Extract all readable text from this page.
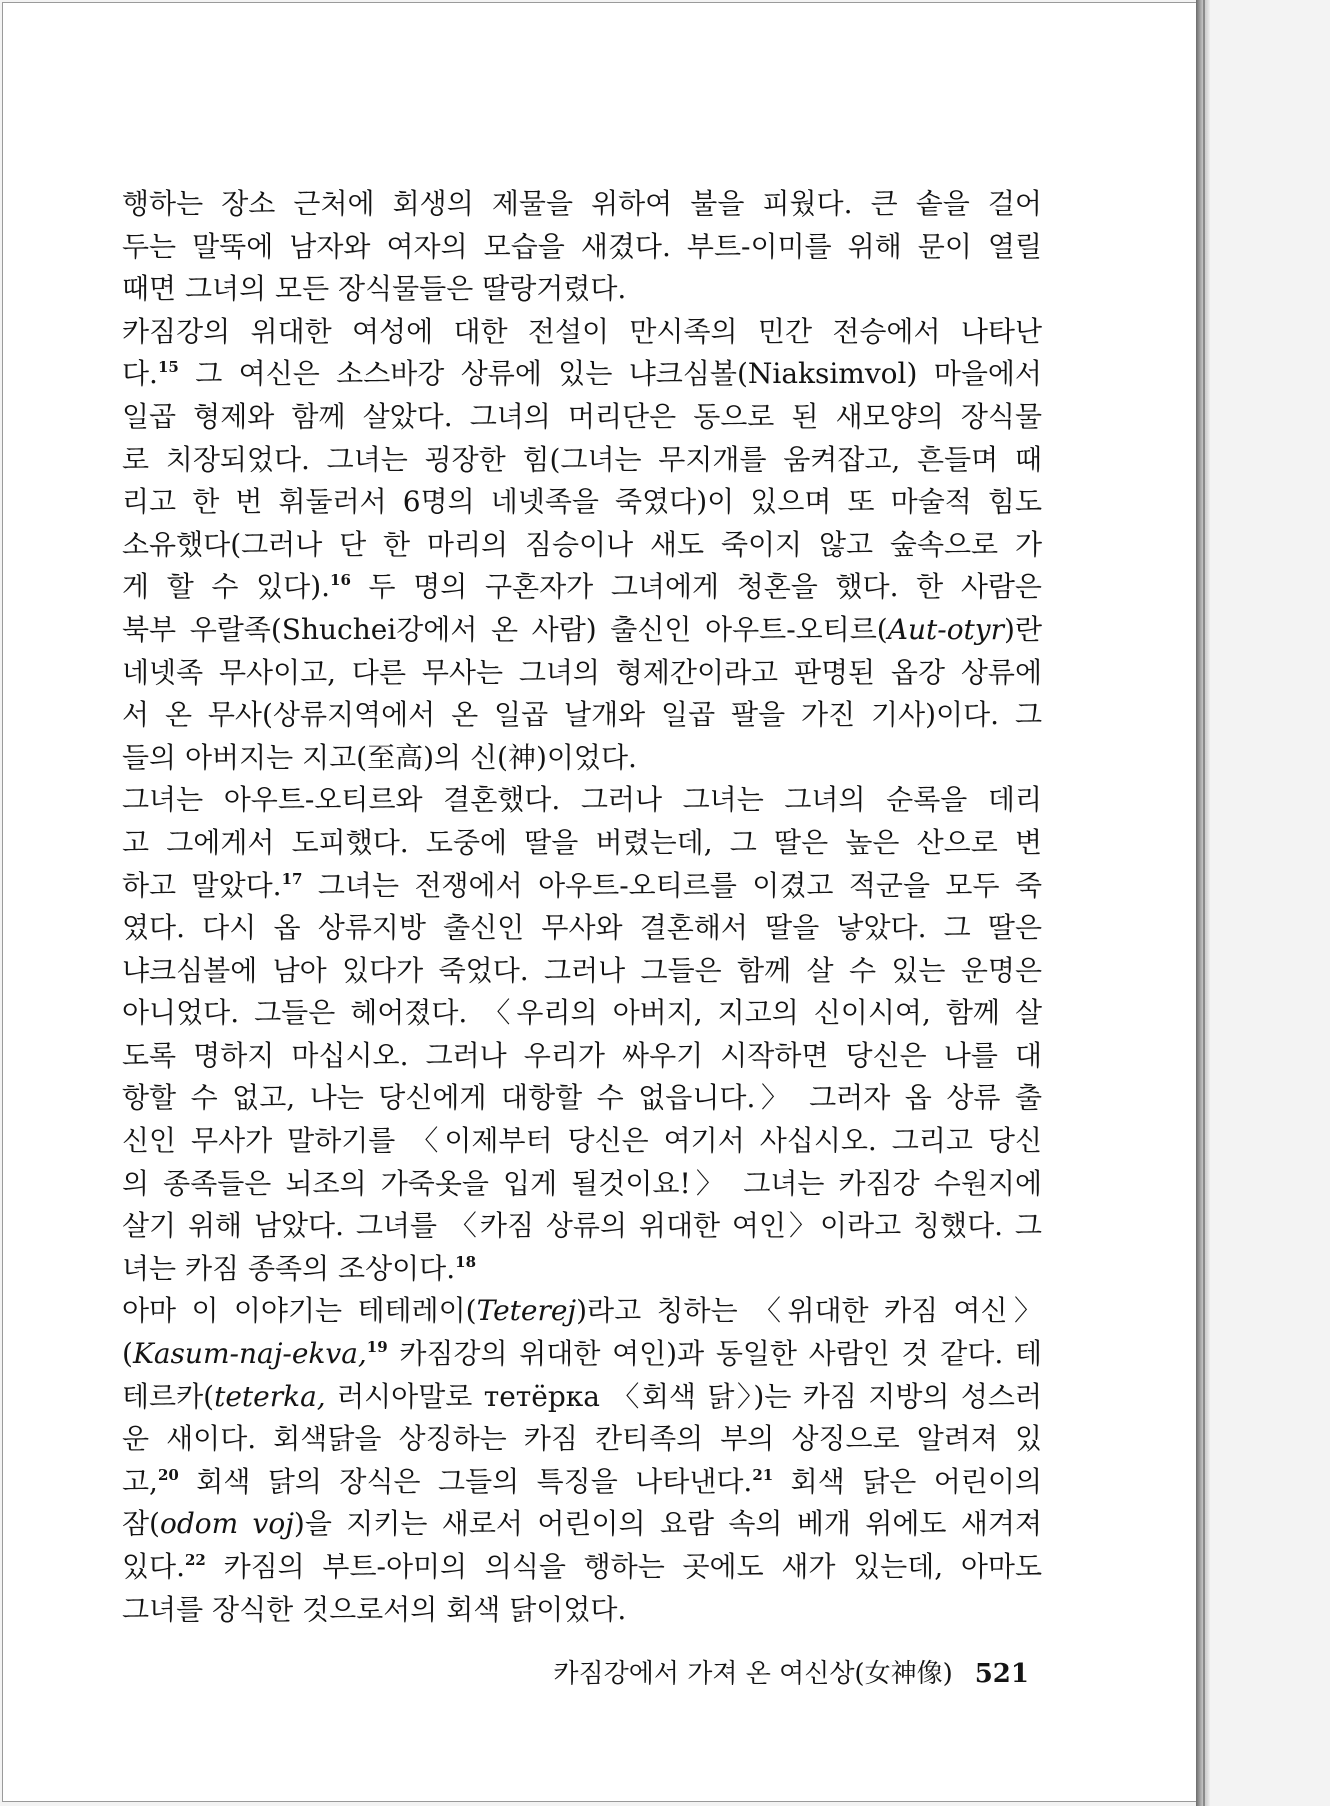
행하는 장소 근처에 회생의 제물을 위하여 불을 피웠다. 큰 솥을 걸어
두는 말뚝에 남자와 여자의 모습을 새겼다. 부트-이미를 위해 문이 열릴
때면 그녀의 모든 장식물들은 딸랑거렸다.
카짐강의 위대한 여성에 대한 전설이 만시족의 민간 전승에서 나타난
다.$^{15}$ 그 여신은 소스바강 상류에 있는 냐크심볼(Niaksimvol) 마을에서
일곱 형제와 함께 살았다. 그녀의 머리단은 동으로 된 새모양의 장식물
로 치장되었다. 그녀는 굉장한 힘(그녀는 무지개를 움켜잡고, 흔들며 때
리고 한 번 휘둘러서 6명의 네넷족을 죽였다)이 있으며 또 마술적 힘도
소유했다(그러나 단 한 마리의 짐승이나 새도 죽이지 않고 숲속으로 가
게 할 수 있다).$^{16}$ 두 명의 구혼자가 그녀에게 청혼을 했다. 한 사람은
북부 우랄족(Shuchei강에서 온 사람) 출신인 아우트-오티르(Aut-otyr)란
네넷족 무사이고, 다른 무사는 그녀의 형제간이라고 판명된 옵강 상류에
서 온 무사(상류지역에서 온 일곱 날개와 일곱 팔을 가진 기사)이다. 그
들의 아버지는 지고(至高)의 신(神)이었다.
그녀는 아우트-오티르와 결혼했다. 그러나 그녀는 그녀의 순록을 데리
고 그에게서 도피했다. 도중에 딸을 버렸는데, 그 딸은 높은 산으로 변
하고 말았다.$^{17}$ 그녀는 전쟁에서 아우트-오티르를 이겼고 적군을 모두 죽
였다. 다시 옵 상류지방 출신인 무사와 결혼해서 딸을 낳았다. 그 딸은
냐크심볼에 남아 있다가 죽었다. 그러나 그들은 함께 살 수 있는 운명은
아니었다. 그들은 헤어졌다. 〈우리의 아버지, 지고의 신이시여, 함께 살
도록 명하지 마십시오. 그러나 우리가 싸우기 시작하면 당신은 나를 대
항할 수 없고, 나는 당신에게 대항할 수 없읍니다.〉 그러자 옵 상류 출
신인 무사가 말하기를 〈이제부터 당신은 여기서 사십시오. 그리고 당신
의 종족들은 뇌조의 가죽옷을 입게 될것이요!〉 그녀는 카짐강 수원지에
살기 위해 남았다. 그녀를 〈카짐 상류의 위대한 여인〉이라고 칭했다. 그
녀는 카짐 종족의 조상이다.$^{18}$
아마 이 이야기는 테테레이(Teterej)라고 칭하는 〈위대한 카짐 여신〉
(Kasum-naj-ekva,$^{19}$ 카짐강의 위대한 여인)과 동일한 사람인 것 같다. 테
테르카(teterka, 러시아말로 тетёрка 〈회색 닭〉)는 카짐 지방의 성스러
운 새이다. 회색닭을 상징하는 카짐 칸티족의 부의 상징으로 알려져 있
고,$^{20}$ 회색 닭의 장식은 그들의 특징을 나타낸다.$^{21}$ 회색 닭은 어린이의
잠(odom voj)을 지키는 새로서 어린이의 요람 속의 베개 위에도 새겨져
있다.$^{22}$ 카짐의 부트-아미의 의식을 행하는 곳에도 새가 있는데, 아마도
그녀를 장식한 것으로서의 회색 닭이었다.
카짐강에서 가져 온 여신상(女神像) 521
